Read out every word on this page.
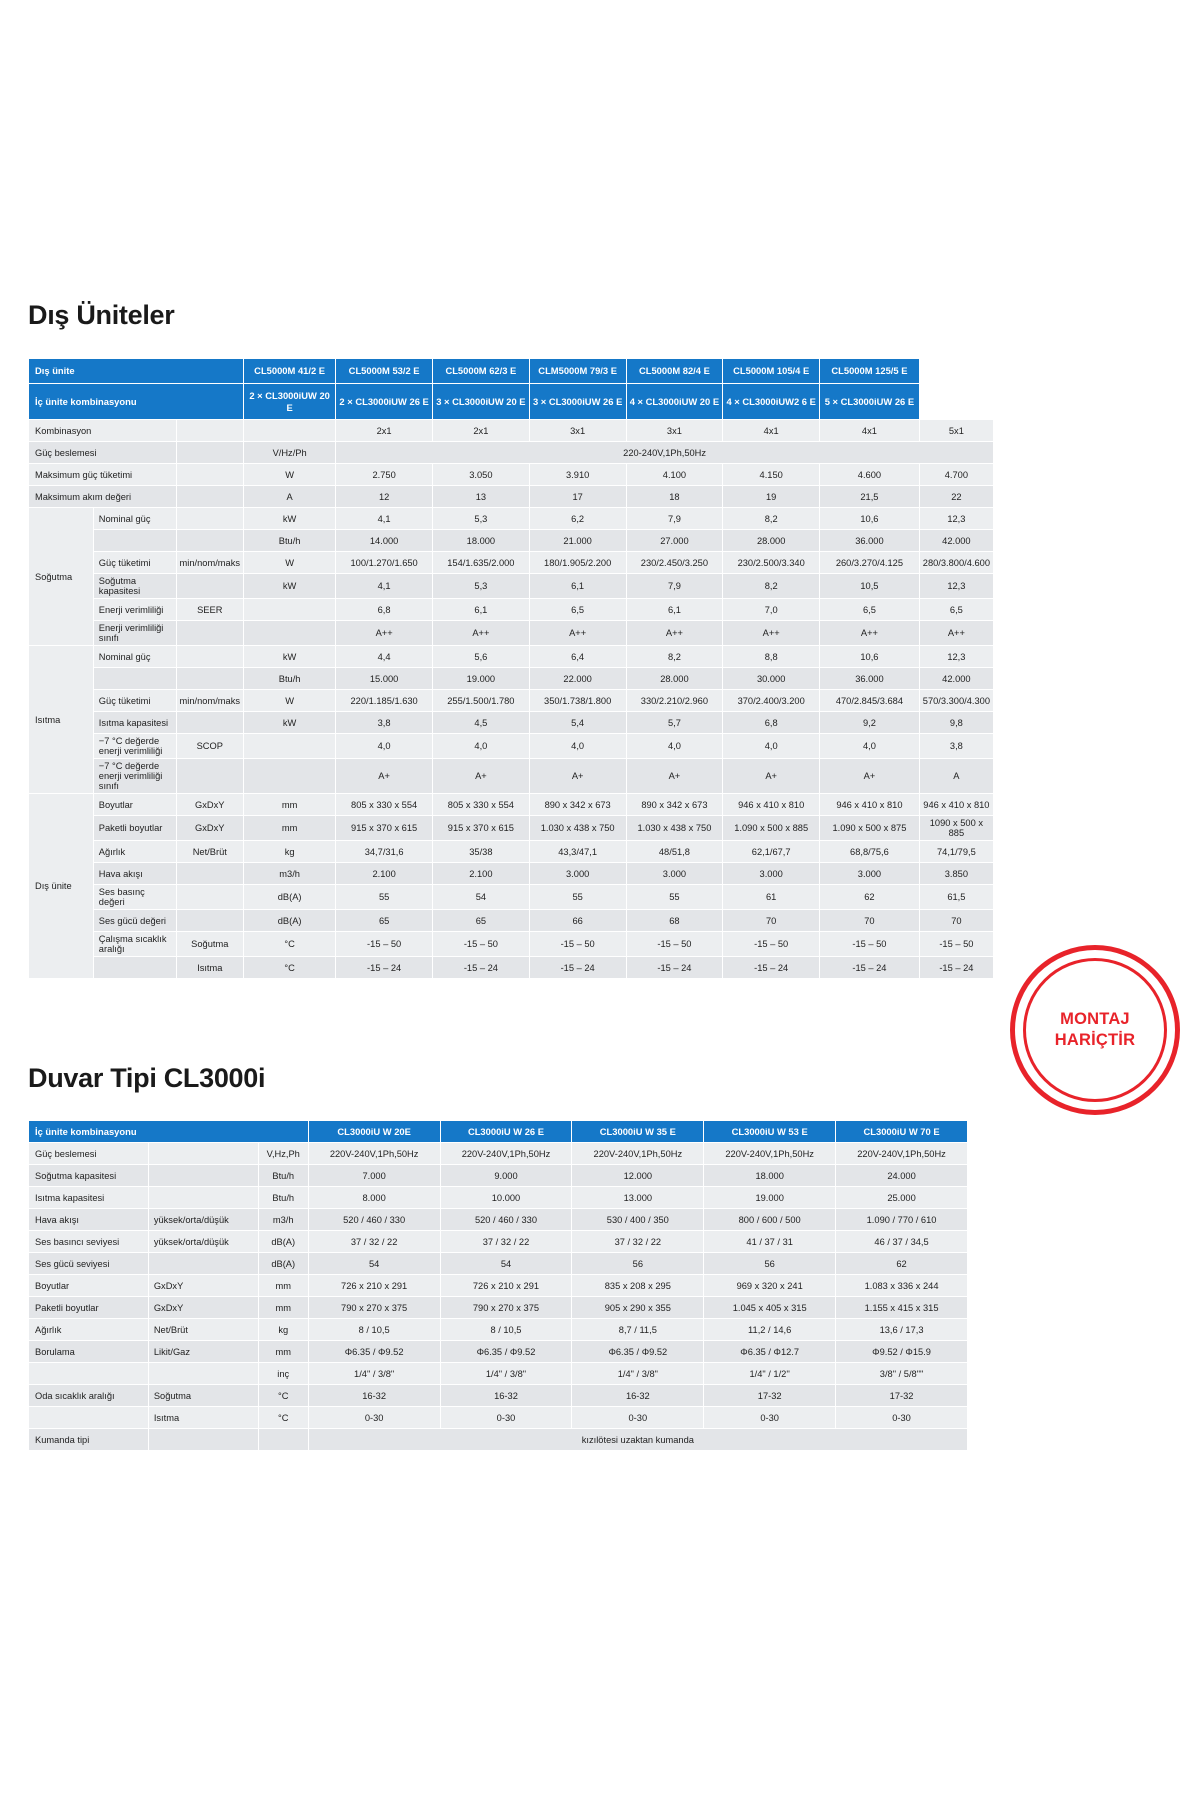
Dış Üniteler
Dış ünite			CL5000M 41/2 E	CL5000M 53/2 E	CL5000M 62/3 E	CLM5000M 79/3 E	CL5000M 82/4 E	CL5000M 105/4 E	CL5000M 125/5 E	
İç ünite kombinasyonu			2 × CL3000iUW 20 E	2 × CL3000iUW 26 E	3 × CL3000iUW 20 E	3 × CL3000iUW 26 E	4 × CL3000iUW 20 E	4 × CL3000iUW2 6 E	5 × CL3000iUW 26 E	
Kombinasyon				2x1	2x1	3x1	3x1	4x1	4x1	5x1
Güç beslemesi			V/Hz/Ph	220-240V,1Ph,50Hz						
Maksimum güç tüketimi			W	2.750	3.050	3.910	4.100	4.150	4.600	4.700
Maksimum akım değeri			A	12	13	17	18	19	21,5	22
Soğutma	Nominal güç		kW	4,1	5,3	6,2	7,9	8,2	10,6	12,3
			Btu/h	14.000	18.000	21.000	27.000	28.000	36.000	42.000
	Güç tüketimi	min/nom/maks	W	100/1.270/1.650	154/1.635/2.000	180/1.905/2.200	230/2.450/3.250	230/2.500/3.340	260/3.270/4.125	280/3.800/4.600
	Soğutma kapasitesi		kW	4,1	5,3	6,1	7,9	8,2	10,5	12,3
	Enerji verimliliği	SEER		6,8	6,1	6,5	6,1	7,0	6,5	6,5
	Enerji verimliliği sınıfı			A++	A++	A++	A++	A++	A++	A++
Isıtma	Nominal güç		kW	4,4	5,6	6,4	8,2	8,8	10,6	12,3
			Btu/h	15.000	19.000	22.000	28.000	30.000	36.000	42.000
	Güç tüketimi	min/nom/maks	W	220/1.185/1.630	255/1.500/1.780	350/1.738/1.800	330/2.210/2.960	370/2.400/3.200	470/2.845/3.684	570/3.300/4.300
	Isıtma kapasitesi		kW	3,8	4,5	5,4	5,7	6,8	9,2	9,8
	−7 °C değerde enerji verimliliği	SCOP		4,0	4,0	4,0	4,0	4,0	4,0	3,8
	−7 °C değerde enerji verimliliği sınıfı			A+	A+	A+	A+	A+	A+	A
Dış ünite	Boyutlar	GxDxY	mm	805 x 330 x 554	805 x 330 x 554	890 x 342 x 673	890 x 342 x 673	946 x 410 x 810	946 x 410 x 810	946 x 410 x 810
	Paketli boyutlar	GxDxY	mm	915 x 370 x 615	915 x 370 x 615	1.030 x 438 x 750	1.030 x 438 x 750	1.090 x 500 x 885	1.090 x 500 x 875	1090 x 500 x 885
	Ağırlık	Net/Brüt	kg	34,7/31,6	35/38	43,3/47,1	48/51,8	62,1/67,7	68,8/75,6	74,1/79,5
	Hava akışı		m3/h	2.100	2.100	3.000	3.000	3.000	3.000	3.850
	Ses basınç değeri		dB(A)	55	54	55	55	61	62	61,5
	Ses gücü değeri		dB(A)	65	65	66	68	70	70	70
	Çalışma sıcaklık aralığı	Soğutma	°C	-15 – 50	-15 – 50	-15 – 50	-15 – 50	-15 – 50	-15 – 50	-15 – 50
		Isıtma	°C	-15 – 24	-15 – 24	-15 – 24	-15 – 24	-15 – 24	-15 – 24	-15 – 24
Duvar Tipi CL3000i
İç ünite kombinasyonu			CL3000iU W 20E	CL3000iU W 26 E	CL3000iU W 35 E	CL3000iU W 53 E	CL3000iU W 70 E
Güç beslemesi		V,Hz,Ph	220V-240V,1Ph,50Hz	220V-240V,1Ph,50Hz	220V-240V,1Ph,50Hz	220V-240V,1Ph,50Hz	220V-240V,1Ph,50Hz
Soğutma kapasitesi		Btu/h	7.000	9.000	12.000	18.000	24.000
Isıtma kapasitesi		Btu/h	8.000	10.000	13.000	19.000	25.000
Hava akışı	yüksek/orta/düşük	m3/h	520 / 460 / 330	520 / 460 / 330	530 / 400 / 350	800 / 600 / 500	1.090 / 770 / 610
Ses basıncı seviyesi	yüksek/orta/düşük	dB(A)	37 / 32 / 22	37 / 32 / 22	37 / 32 / 22	41 / 37 / 31	46 / 37 / 34,5
Ses gücü seviyesi		dB(A)	54	54	56	56	62
Boyutlar	GxDxY	mm	726 x 210 x 291	726 x 210 x 291	835 x 208 x 295	969 x 320 x 241	1.083 x 336 x 244
Paketli boyutlar	GxDxY	mm	790 x 270 x 375	790 x 270 x 375	905 x 290 x 355	1.045 x 405 x 315	1.155 x 415 x 315
Ağırlık	Net/Brüt	kg	8 / 10,5	8 / 10,5	8,7 / 11,5	11,2 / 14,6	13,6 / 17,3
Borulama	Likit/Gaz	mm	Φ6.35 / Φ9.52	Φ6.35 / Φ9.52	Φ6.35 / Φ9.52	Φ6.35 / Φ12.7	Φ9.52 / Φ15.9
		inç	1/4" / 3/8"	1/4" / 3/8"	1/4" / 3/8"	1/4" / 1/2''	3/8" / 5/8""
Oda sıcaklık aralığı	Soğutma	°C	16-32	16-32	16-32	17-32	17-32
	Isıtma	°C	0-30	0-30	0-30	0-30	0-30
Kumanda tipi			kızılötesi uzaktan kumanda				
MONTAJ
HARİÇTİR
